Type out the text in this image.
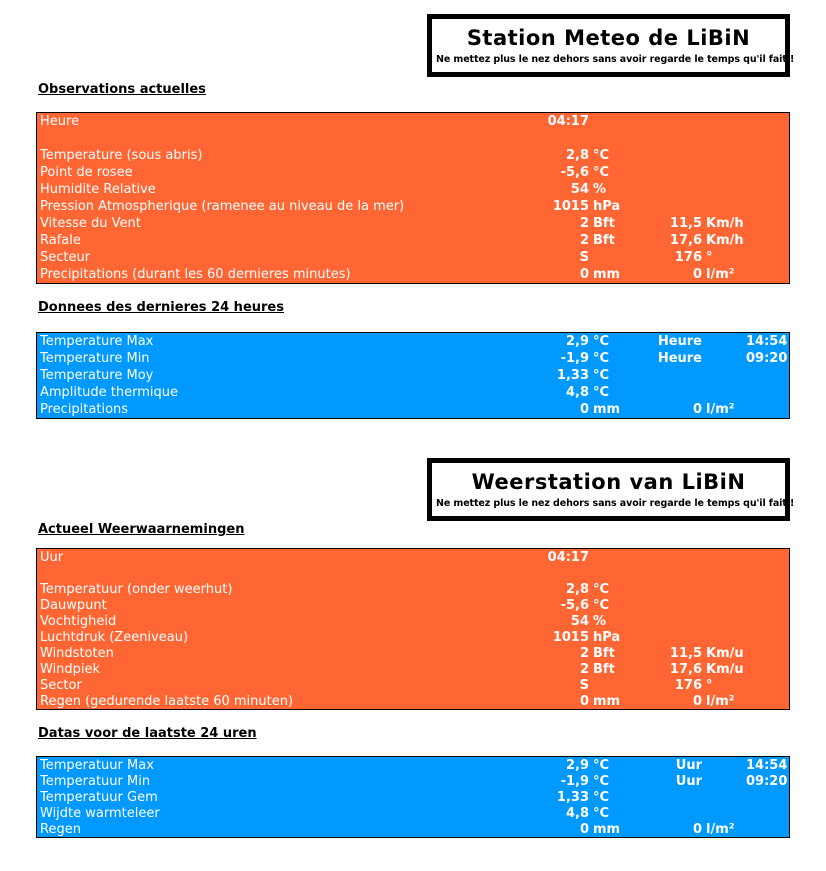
Station Meteo de LiBiN
Ne mettez plus le nez dehors sans avoir regarde le temps qu'il fait !
Observations actuelles
Heure	04:17
Temperature (sous abris)	2,8 °C
Point de rosee	-5,6 °C
Humidite Relative	54 %
Pression Atmospherique (ramenee au niveau de la mer)	1015 hPa
Vitesse du Vent	2 Bft	11,5 Km/h
Rafale	2 Bft	17,6 Km/h
Secteur	S	176 °
Precipitations (durant les 60 dernieres minutes)	0 mm	0 l/m²
Donnees des dernieres 24 heures
Temperature Max	2,9 °C	Heure	14:54
Temperature Min	-1,9 °C	Heure	09:20
Temperature Moy	1,33 °C
Amplitude thermique	4,8 °C
Precipitations	0 mm	0 l/m²
Weerstation van LiBiN
Ne mettez plus le nez dehors sans avoir regarde le temps qu'il fait !
Actueel Weerwaarnemingen
Uur	04:17
Temperatuur (onder weerhut)	2,8 °C
Dauwpunt	-5,6 °C
Vochtigheid	54 %
Luchtdruk (Zeeniveau)	1015 hPa
Windstoten	2 Bft	11,5 Km/u
Windpiek	2 Bft	17,6 Km/u
Sector	S	176 °
Regen (gedurende laatste 60 minuten)	0 mm	0 l/m²
Datas voor de laatste 24 uren
Temperatuur Max	2,9 °C	Uur	14:54
Temperatuur Min	-1,9 °C	Uur	09:20
Temperatuur Gem	1,33 °C
Wijdte warmteleer	4,8 °C
Regen	0 mm	0 l/m²
